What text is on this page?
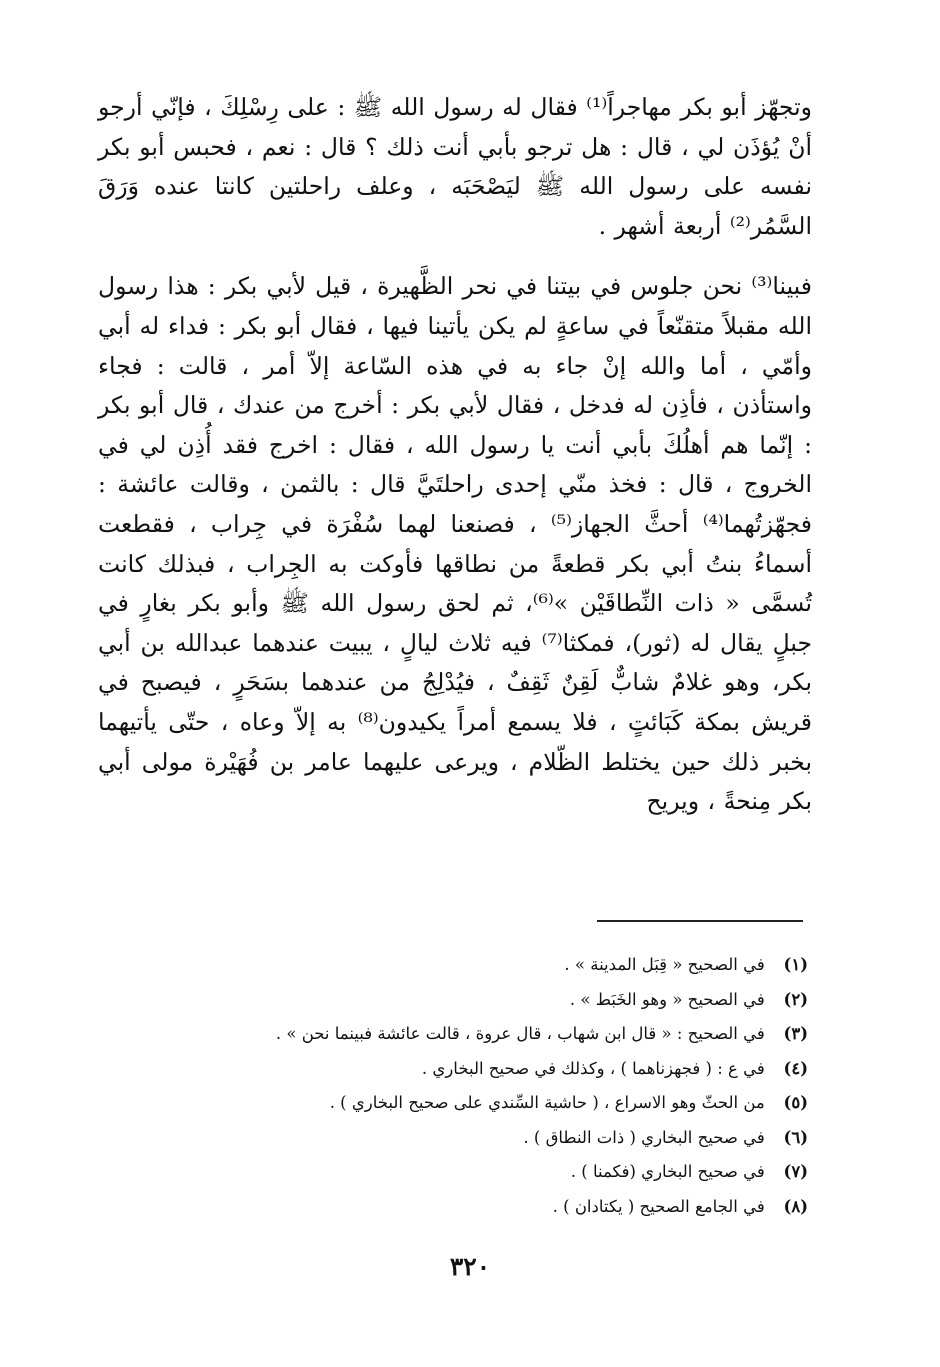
وتجهّز أبو بكر مهاجراً⁽¹⁾ فقال له رسول الله ﷺ : على رِسْلِكَ ، فإنّي أرجو أنْ يُؤذَن لي ، قال : هل ترجو بأبي أنت ذلك ؟ قال : نعم ، فحبس أبو بكر نفسه على رسول الله ﷺ ليَصْحَبَه ، وعلف راحلتين كانتا عنده وَرَقَ السَّمُر⁽²⁾ أربعة أشهر .

فبينا⁽³⁾ نحن جلوس في بيتنا في نحر الظَّهيرة ، قيل لأبي بكر : هذا رسول الله مقبلاً متقنّعاً في ساعةٍ لم يكن يأتينا فيها ، فقال أبو بكر : فداء له أبي وأمّي ، أما والله إنْ جاء به في هذه السّاعة إلاّ أمر ، قالت : فجاء واستأذن ، فأذِن له فدخل ، فقال لأبي بكر : أخرج من عندك ، قال أبو بكر : إنّما هم أهلُكَ بأبي أنت يا رسول الله ، فقال : اخرج فقد أُذِن لي في الخروج ، قال : فخذ منّي إحدى راحلتَيَّ قال : بالثمن ، وقالت عائشة : فجهّزتُهما⁽⁴⁾ أحثَّ الجهاز⁽⁵⁾ ، فصنعنا لهما سُفْرَة في جِراب ، فقطعت أسماءُ بنتُ أبي بكر قطعةً من نطاقها فأوكت به الجِراب ، فبذلك كانت تُسمَّى « ذات النِّطاقَيْن »⁽⁶⁾، ثم لحق رسول الله ﷺ وأبو بكر بغارٍ في جبلٍ يقال له (ثور)، فمكثا⁽⁷⁾ فيه ثلاث ليالٍ ، يبيت عندهما عبدالله بن أبي بكر، وهو غلامٌ شابٌّ لَقِنٌ ثَقِفٌ ، فيُدْلِجُ من عندهما بسَحَرٍ ، فيصبح في قريش بمكة كَبَائتٍ ، فلا يسمع أمراً يكيدون⁽⁸⁾ به إلاّ وعاه ، حتّى يأتيهما بخبر ذلك حين يختلط الظّلام ، ويرعى عليهما عامر بن فُهَيْرة مولى أبي بكر مِنحةً ، ويريح

(١) في الصحيح « قِبَل المدينة » .
(٢) في الصحيح « وهو الخَبَط » .
(٣) في الصحيح : « قال ابن شهاب ، قال عروة ، قالت عائشة فبينما نحن » .
(٤) في ع : ( فجهزناهما ) ، وكذلك في صحيح البخاري .
(٥) من الحثّ وهو الاسراع ، ( حاشية السِّندي على صحيح البخاري ) .
(٦) في صحيح البخاري ( ذات النطاق ) .
(٧) في صحيح البخاري (فكمنا ) .
(٨) في الجامع الصحيح ( يكتادان ) .
٣٢٠
